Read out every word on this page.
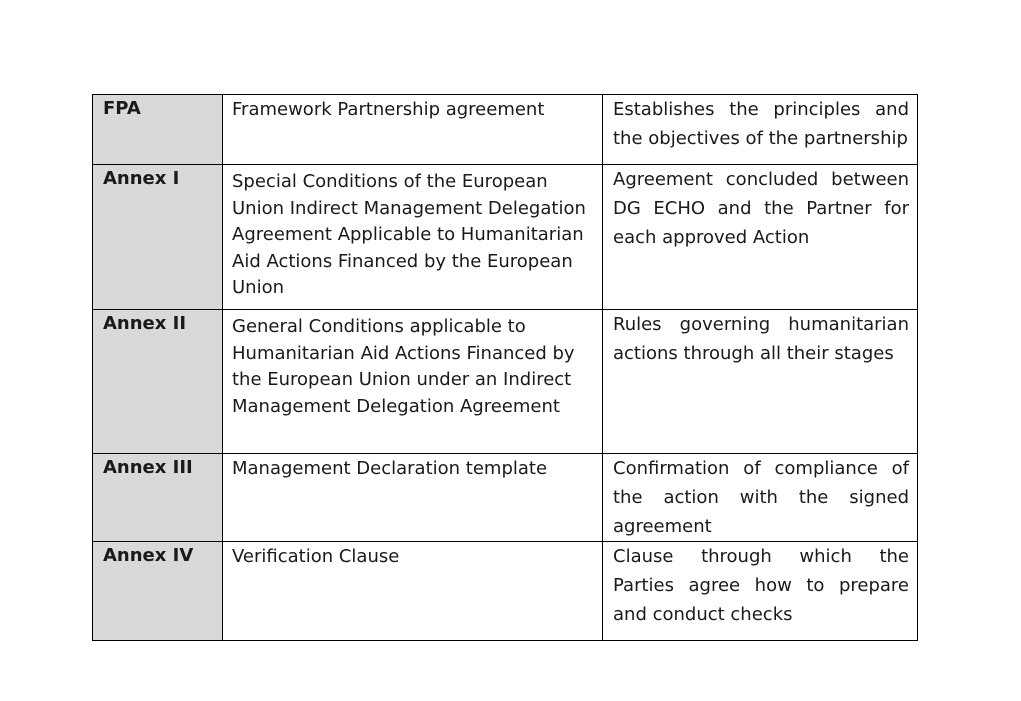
FPA	Framework Partnership agreement	Establishes the principles and the objectives of the partnership
Annex I	Special Conditions of the European Union Indirect Management Delegation Agreement Applicable to Humanitarian Aid Actions Financed by the European Union	Agreement concluded between DG ECHO and the Partner for each approved Action
Annex II	General Conditions applicable to Humanitarian Aid Actions Financed by the European Union under an Indirect Management Delegation Agreement	Rules governing humanitarian actions through all their stages
Annex III	Management Declaration template	Confirmation of compliance of the action with the signed agreement
Annex IV	Verification Clause	Clause through which the Parties agree how to prepare and conduct checks
